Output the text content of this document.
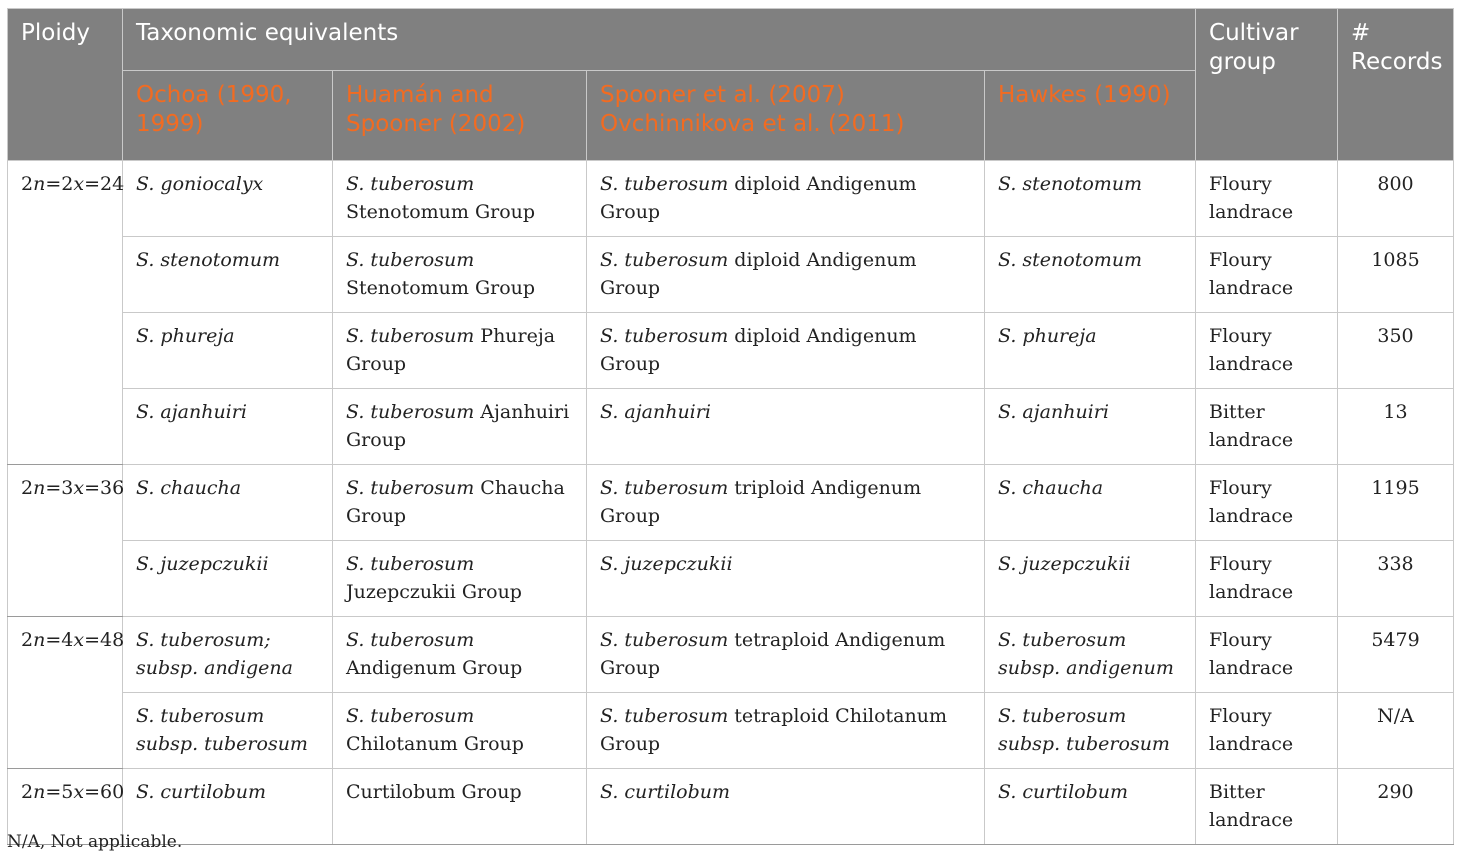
Ploidy	Taxonomic equivalents				Cultivar group	# Records
	Ochoa (1990, 1999)	Huamán and Spooner (2002)	Spooner et al. (2007) Ovchinnikova et al. (2011)	Hawkes (1990)		
2n=2x=24	S. goniocalyx	S. tuberosum Stenotomum Group	S. tuberosum diploid Andigenum Group	S. stenotomum	Floury landrace	800
	S. stenotomum	S. tuberosum Stenotomum Group	S. tuberosum diploid Andigenum Group	S. stenotomum	Floury landrace	1085
	S. phureja	S. tuberosum Phureja Group	S. tuberosum diploid Andigenum Group	S. phureja	Floury landrace	350
	S. ajanhuiri	S. tuberosum Ajanhuiri Group	S. ajanhuiri	S. ajanhuiri	Bitter landrace	13
2n=3x=36	S. chaucha	S. tuberosum Chaucha Group	S. tuberosum triploid Andigenum Group	S. chaucha	Floury landrace	1195
	S. juzepczukii	S. tuberosum Juzepczukii Group	S. juzepczukii	S. juzepczukii	Floury landrace	338
2n=4x=48	S. tuberosum; subsp. andigena	S. tuberosum Andigenum Group	S. tuberosum tetraploid Andigenum Group	S. tuberosum subsp. andigenum	Floury landrace	5479
	S. tuberosum subsp. tuberosum	S. tuberosum Chilotanum Group	S. tuberosum tetraploid Chilotanum Group	S. tuberosum subsp. tuberosum	Floury landrace	N/A
2n=5x=60	S. curtilobum	Curtilobum Group	S. curtilobum	S. curtilobum	Bitter landrace	290
N/A, Not applicable.
